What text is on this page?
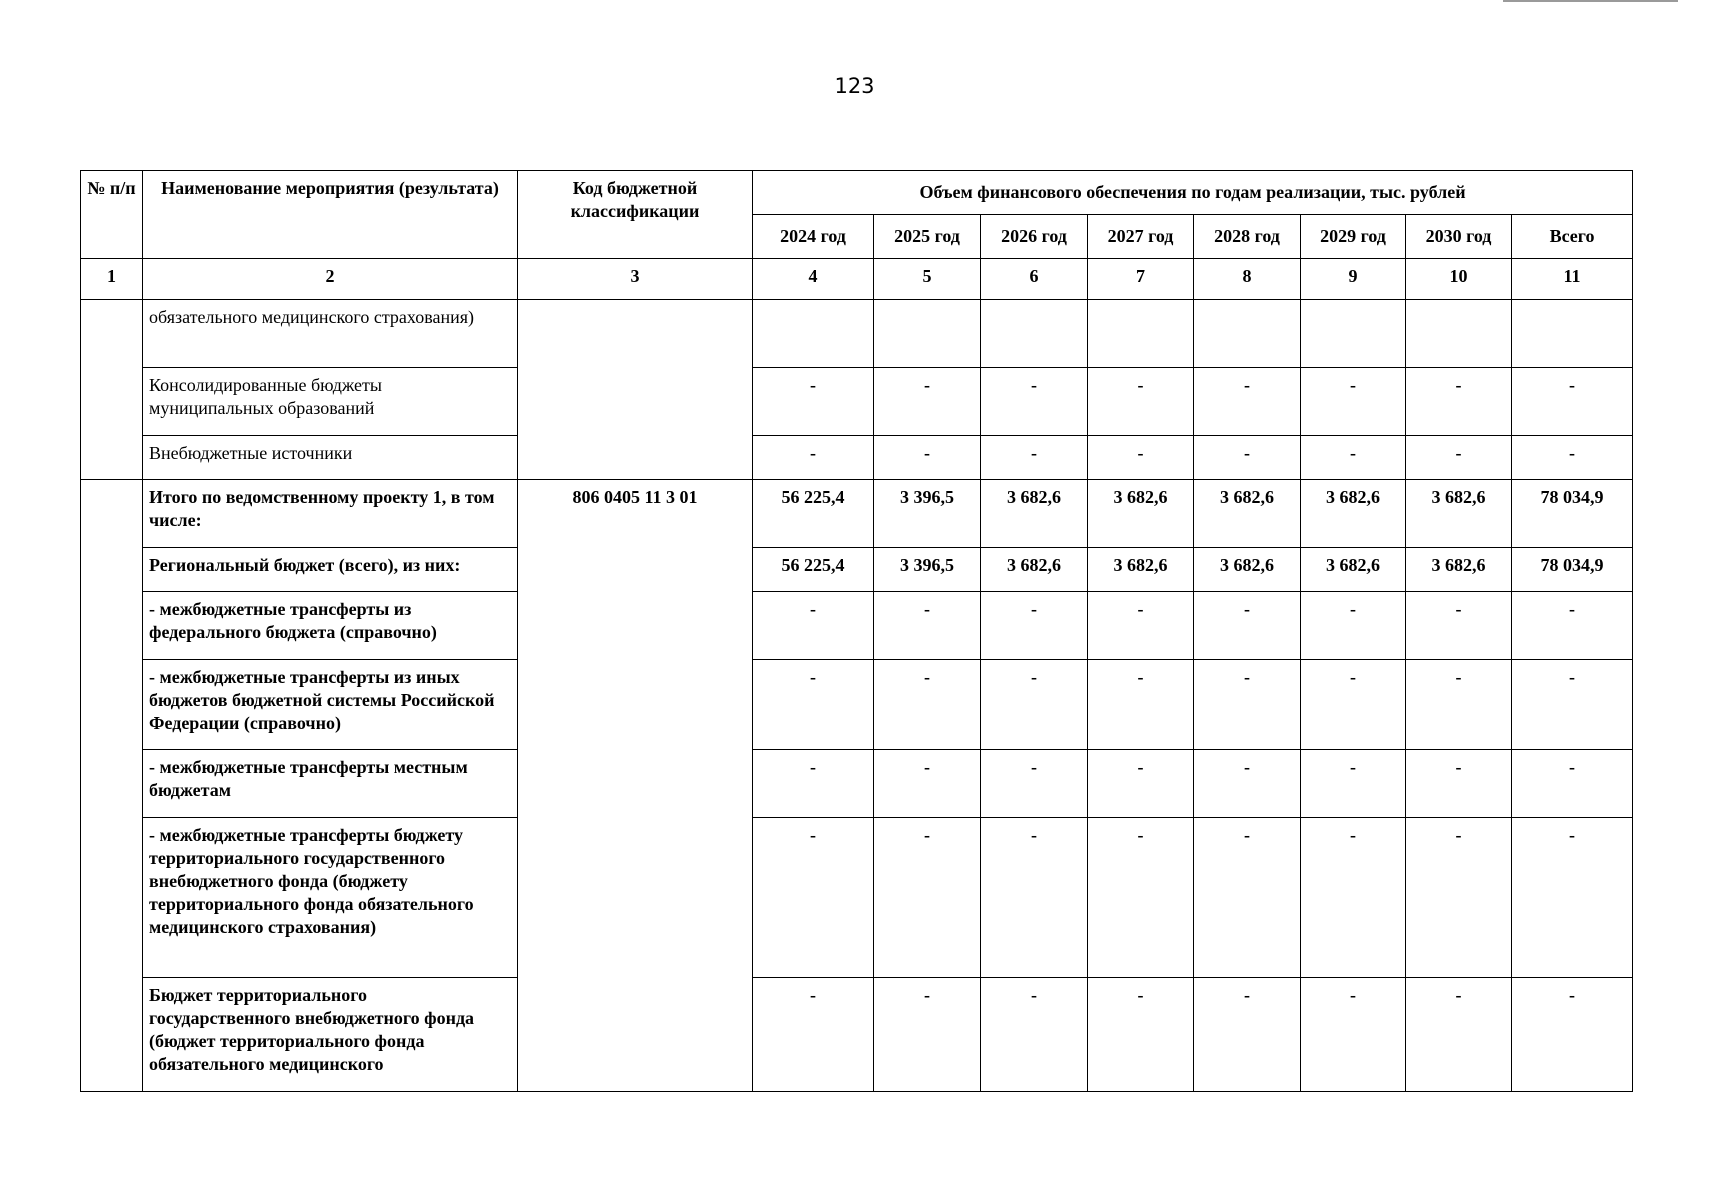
123
№ п/п	Наименование мероприятия (результата)	Код бюджетной классификации	Объем финансового обеспечения по годам реализации, тыс. рублей							
			2024 год	2025 год	2026 год	2027 год	2028 год	2029 год	2030 год	Всего
1	2	3	4	5	6	7	8	9	10	11
	обязательного медицинского страхования)									
	Консолидированные бюджеты муниципальных образований		-	-	-	-	-	-	-	-
	Внебюджетные источники		-	-	-	-	-	-	-	-
	Итого по ведомственному проекту 1, в том числе:	806 0405 11 3 01	56 225,4	3 396,5	3 682,6	3 682,6	3 682,6	3 682,6	3 682,6	78 034,9
	Региональный бюджет (всего), из них:		56 225,4	3 396,5	3 682,6	3 682,6	3 682,6	3 682,6	3 682,6	78 034,9
	- межбюджетные трансферты из федерального бюджета (справочно)		-	-	-	-	-	-	-	-
	- межбюджетные трансферты из иных бюджетов бюджетной системы Российской Федерации (справочно)		-	-	-	-	-	-	-	-
	- межбюджетные трансферты местным бюджетам		-	-	-	-	-	-	-	-
	- межбюджетные трансферты бюджету территориального государственного внебюджетного фонда (бюджету территориального фонда обязательного медицинского страхования)		-	-	-	-	-	-	-	-
	Бюджет территориального государственного внебюджетного фонда (бюджет территориального фонда обязательного медицинского		-	-	-	-	-	-	-	-
